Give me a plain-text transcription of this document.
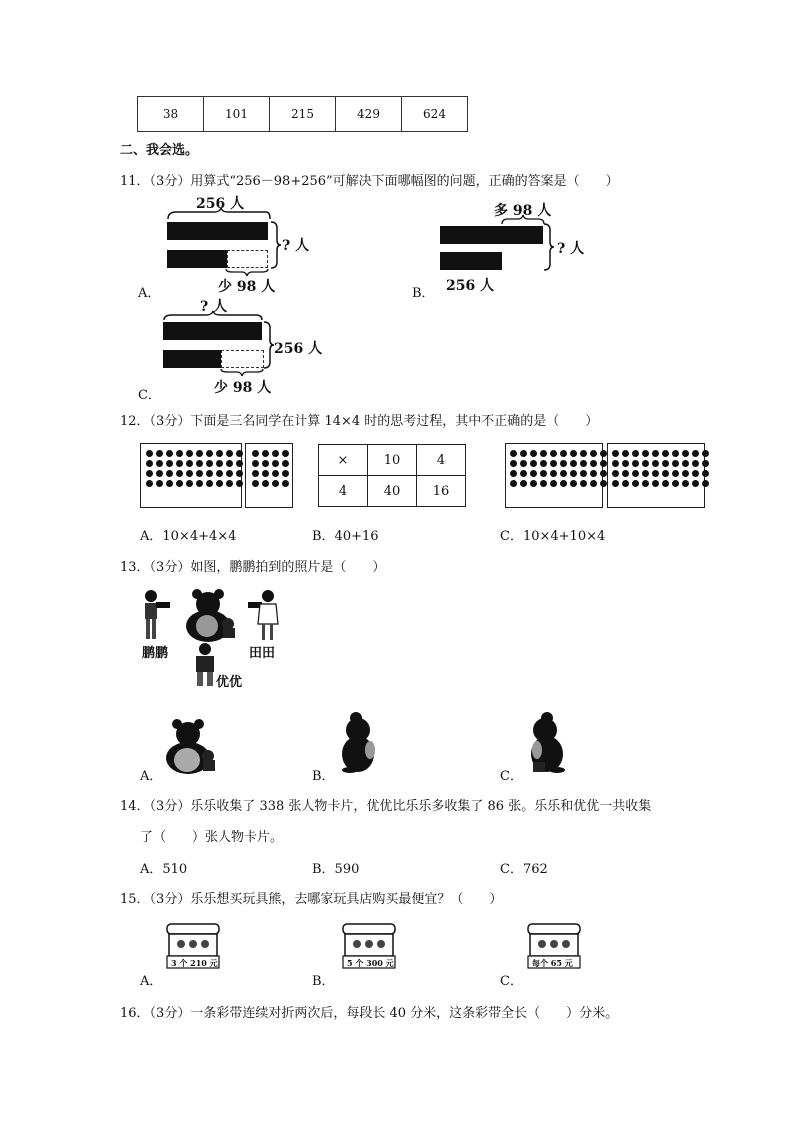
38	101	215	429	624
二、我会选。
11．（3分）用算式“256－98+256”可解决下面哪幅图的问题，正确的答案是（　　）
256 人
? 人
少 98 人
A．
多 98 人
? 人
256 人
B．
? 人
256 人
少 98 人
C．
12．（3分）下面是三名同学在计算 14×4 时的思考过程，其中不正确的是（　　）
×	10	4
4	40	16
A．10×4+4×4	B．40+16	C．10×4+10×4
13．（3分）如图，鹏鹏拍到的照片是（　　）
鹏鹏	田田
优优
A．	B．	C．
14．（3分）乐乐收集了 338 张人物卡片，优优比乐乐多收集了 86 张。乐乐和优优一共收集
了（　　）张人物卡片。
A．510	B．590	C．762
15．（3分）乐乐想买玩具熊，去哪家玩具店购买最便宜？（　　）
3 个 210 元
A．
5 个 300 元
B．
每个 65 元
C．
16．（3分）一条彩带连续对折两次后，每段长 40 分米，这条彩带全长（　　）分米。
